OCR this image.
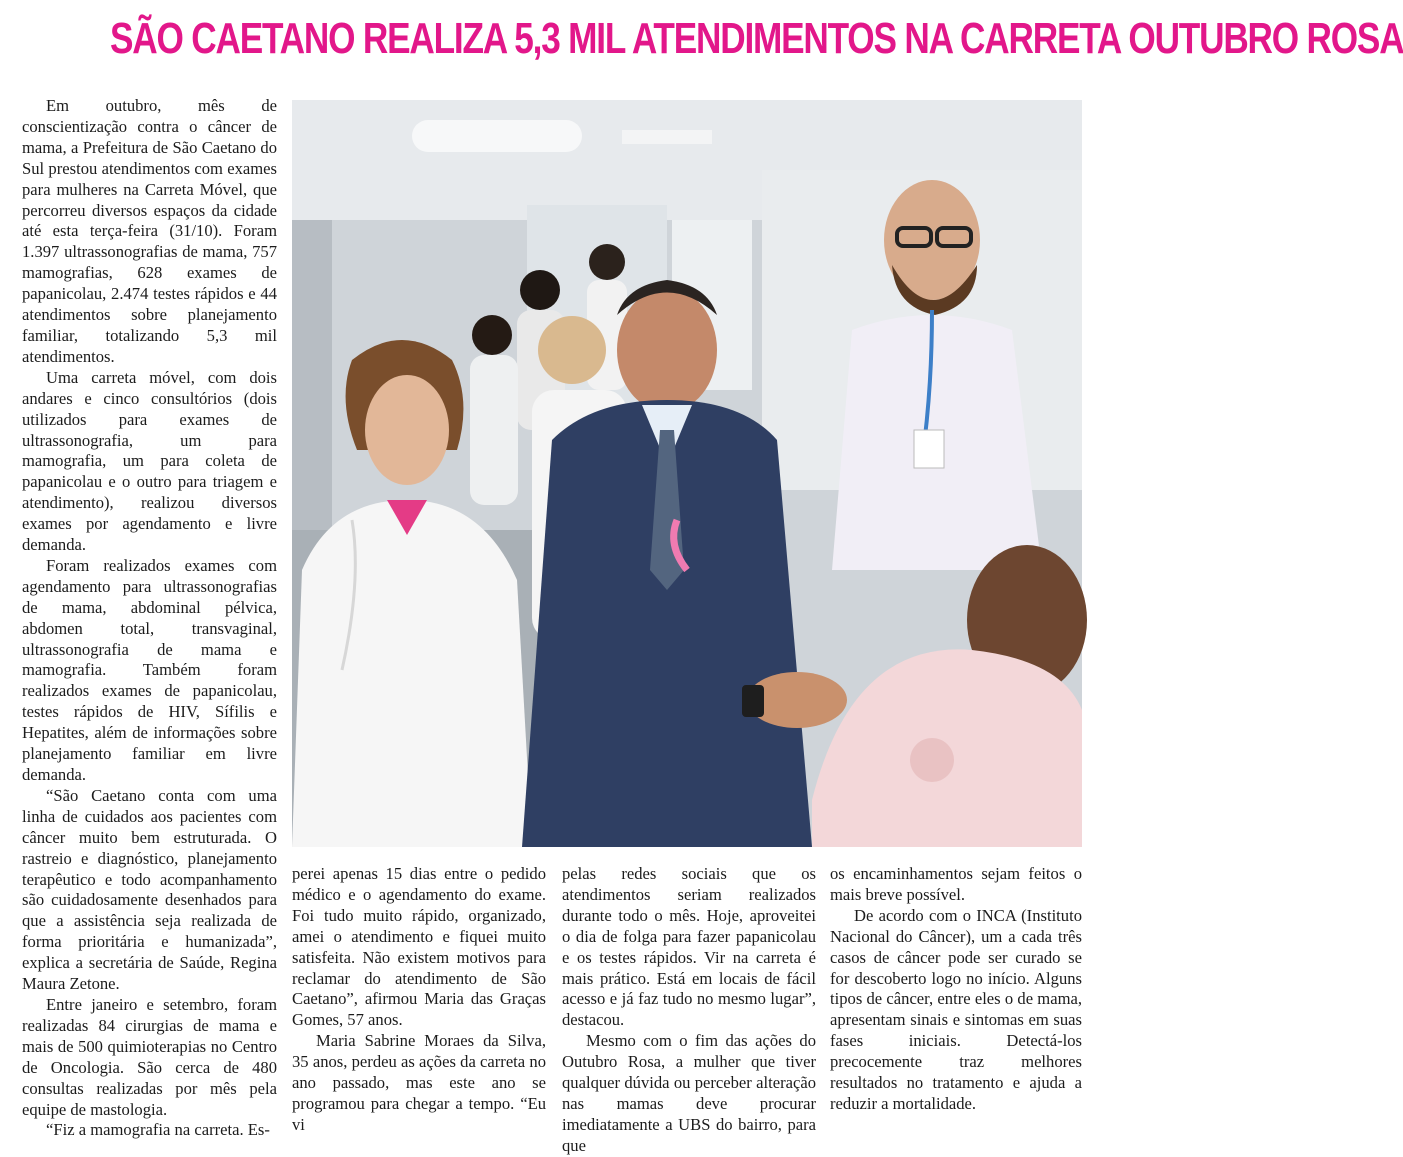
SÃO CAETANO REALIZA 5,3 MIL ATENDIMENTOS NA CARRETA OUTUBRO ROSA

Em outubro, mês de conscientização contra o câncer de mama, a Prefeitura de São Caetano do Sul prestou atendimentos com exames para mulheres na Carreta Móvel, que percorreu diversos espaços da cidade até esta terça-feira (31/10). Foram 1.397 ultrassonografias de mama, 757 mamografias, 628 exames de papanicolau, 2.474 testes rápidos e 44 atendimentos sobre planejamento familiar, totalizando 5,3 mil atendimentos.

Uma carreta móvel, com dois andares e cinco consultórios (dois utilizados para exames de ultrassonografia, um para mamografia, um para coleta de papanicolau e o outro para triagem e atendimento), realizou diversos exames por agendamento e livre demanda.

Foram realizados exames com agendamento para ultrassonografias de mama, abdominal pélvica, abdomen total, transvaginal, ultrassonografia de mama e mamografia. Também foram realizados exames de papanicolau, testes rápidos de HIV, Sífilis e Hepatites, além de informações sobre planejamento familiar em livre demanda.

“São Caetano conta com uma linha de cuidados aos pacientes com câncer muito bem estruturada. O rastreio e diagnóstico, planejamento terapêutico e todo acompanhamento são cuidadosamente desenhados para que a assistência seja realizada de forma prioritária e humanizada”, explica a secretária de Saúde, Regina Maura Zetone.

Entre janeiro e setembro, foram realizadas 84 cirurgias de mama e mais de 500 quimioterapias no Centro de Oncologia. São cerca de 480 consultas realizadas por mês pela equipe de mastologia.

“Fiz a mamografia na carreta. Es-

perei apenas 15 dias entre o pedido médico e o agendamento do exame. Foi tudo muito rápido, organizado, amei o atendimento e fiquei muito satisfeita. Não existem motivos para reclamar do atendimento de São Caetano”, afirmou Maria das Graças Gomes, 57 anos.

Maria Sabrine Moraes da Silva, 35 anos, perdeu as ações da carreta no ano passado, mas este ano se programou para chegar a tempo. “Eu vi

pelas redes sociais que os atendimentos seriam realizados durante todo o mês. Hoje, aproveitei o dia de folga para fazer papanicolau e os testes rápidos. Vir na carreta é mais prático. Está em locais de fácil acesso e já faz tudo no mesmo lugar”, destacou.

Mesmo com o fim das ações do Outubro Rosa, a mulher que tiver qualquer dúvida ou perceber alteração nas mamas deve procurar imediatamente a UBS do bairro, para que

os encaminhamentos sejam feitos o mais breve possível.

De acordo com o INCA (Instituto Nacional do Câncer), um a cada três casos de câncer pode ser curado se for descoberto logo no início. Alguns tipos de câncer, entre eles o de mama, apresentam sinais e sintomas em suas fases iniciais. Detectá-los precocemente traz melhores resultados no tratamento e ajuda a reduzir a mortalidade.
